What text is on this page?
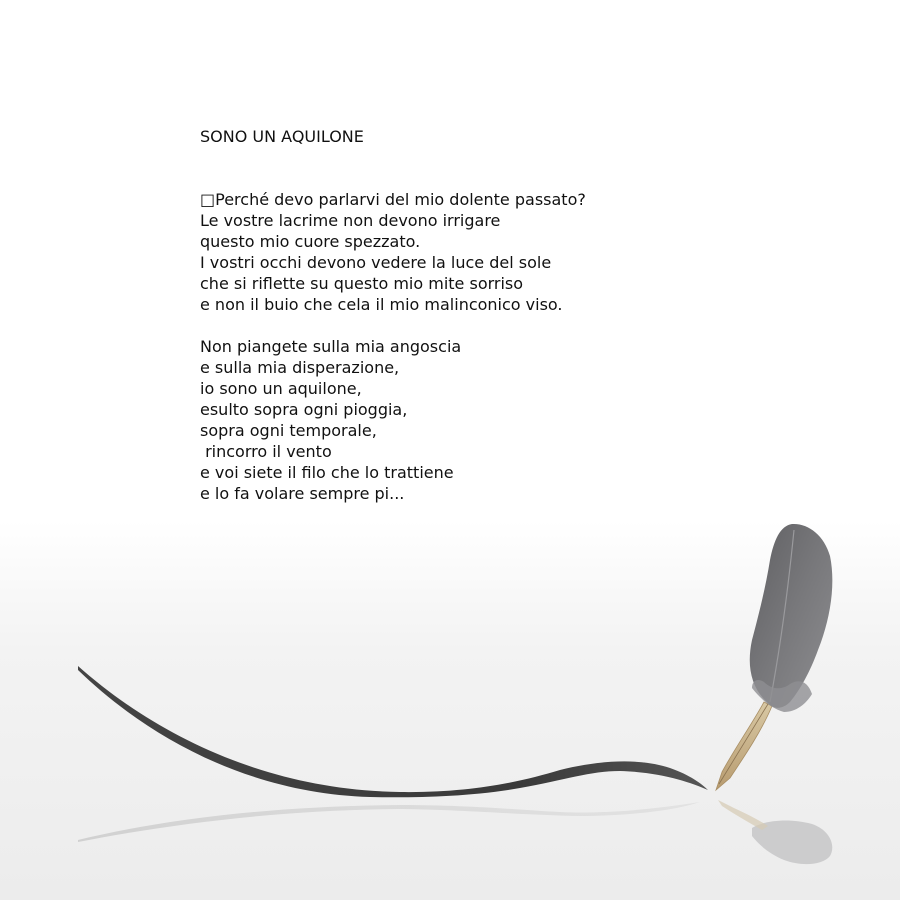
SONO UN AQUILONE
□Perché devo parlarvi del mio dolente passato?
Le vostre lacrime non devono irrigare
questo mio cuore spezzato.
I vostri occhi devono vedere la luce del sole
che si riflette su questo mio mite sorriso
e non il buio che cela il mio malinconico viso.
Non piangete sulla mia angoscia
e sulla mia disperazione,
io sono un aquilone,
esulto sopra ogni pioggia,
sopra ogni temporale,
rincorro il vento
e voi siete il filo che lo trattiene
e lo fa volare sempre pi...
